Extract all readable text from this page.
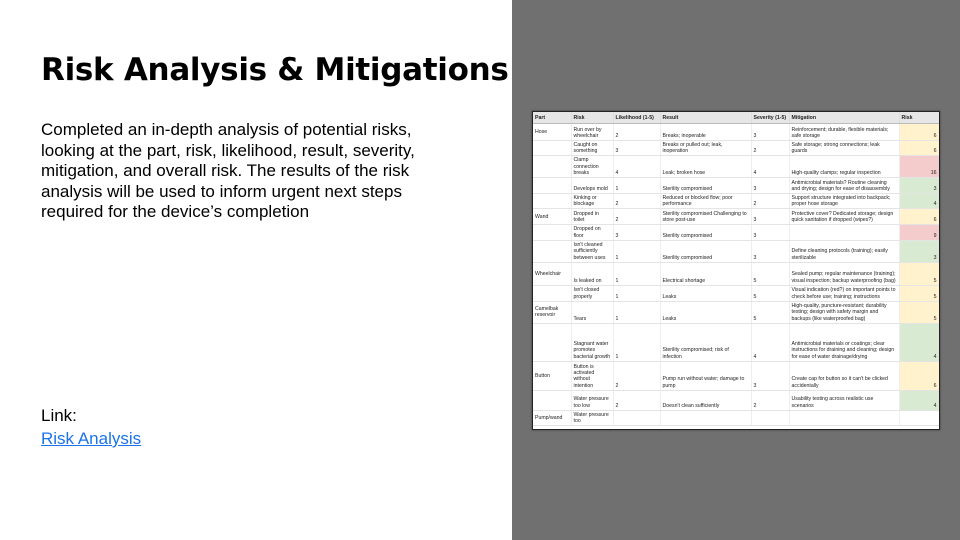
Risk Analysis & Mitigations
Completed an in-depth analysis of potential risks, looking at the part, risk, likelihood, result, severity, mitigation, and overall risk. The results of the risk analysis will be used to inform urgent next steps required for the device’s completion
Link:
Risk Analysis
Part	Risk	Likelihood (1-5)	Result	Severity (1-5)	Mitigation	Risk
Hose	Run over by wheelchair	2	Breaks; inoperable	3	Reinforcement; durable, flexible materials; safe storage	6
	Caught on something	3	Breaks or pulled out; leak, inoperation	2	Safe storage; strong connections; leak guards	6
	Clamp connection breaks	4	Leak; broken hose	4	High-quality clamps; regular inspection	16
	Develops mold	1	Sterility compromised	3	Antimicrobial materials? Routine cleaning and drying; design for ease of disassembly	3
	Kinking or blockage	2	Reduced or blocked flow; poor performance	2	Support structure integrated into backpack; proper hose storage	4
Wand	Dropped in toilet	2	Sterility compromised Challenging to store post-use	3	Protective cover? Dedicated storage; design quick sanitation if dropped (wipes?)	6
	Dropped on floor	3	Sterility compromised	3		9
	Isn't cleaned sufficiently between uses	1	Sterility compromised	3	Define cleaning protocols (training); easily sterilizable	3
Wheelchair	Is leaked on	1	Electrical shortage	5	Sealed pump; regular maintenance (training); visual inspection; backup waterproofing (bag)	5
	Isn't closed properly	1	Leaks	5	Visual indication (red?) on important points to check before use; training; instructions	5
Camelbak reservoir	Tears	1	Leaks	5	High-quality, puncture-resistant; durability testing; design with safety margin and backups (like waterproofed bag)	5
	Stagnant water promotes bacterial growth	1	Sterility compromised; risk of infection	4	Antimicrobial materials or coatings; clear instructions for draining and cleaning; design for ease of water drainage/drying	4
Button	Button is activated without intention	2	Pump run without water; damage to pump	3	Create cap for button so it can't be clicked accidentally	6
	Water pressure too low	2	Doesn't clean sufficiently	2	Usability testing across realistic use scenarios	4
Pump/wand	Water pressure too					
